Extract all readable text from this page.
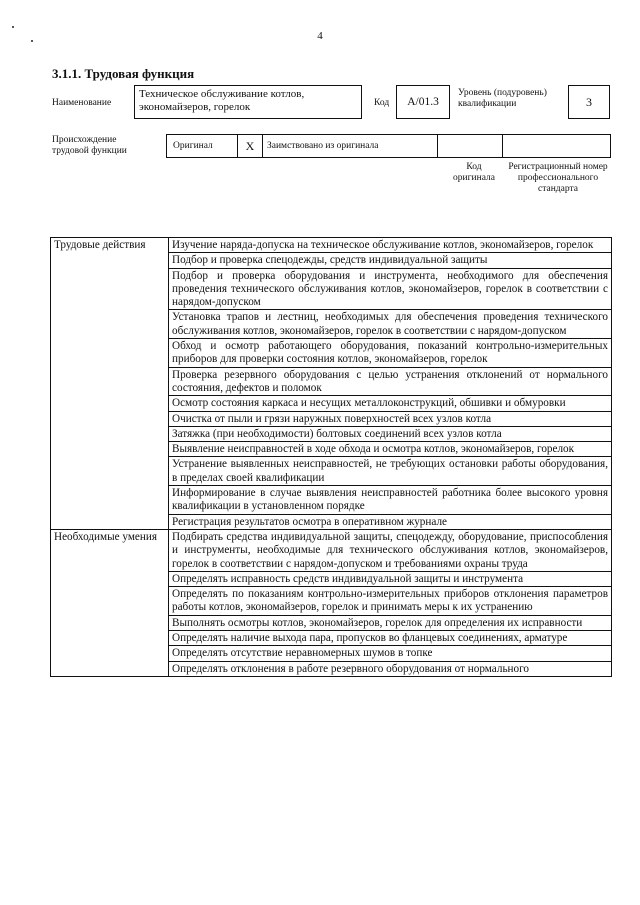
4
3.1.1. Трудовая функция
Наименование
Техническое обслуживание котлов, экономайзеров, горелок	Код	А/01.3
Уровень (подуровень) квалификации	3
Происхождение трудовой функции
Оригинал	X Заимствовано из оригинала
Код оригинала
Регистрационный номер профессионального стандарта
Трудовые действия	Изучение наряда-допуска на техническое обслуживание котлов, экономайзеров, горелок
	Подбор и проверка спецодежды, средств индивидуальной защиты
	Подбор и проверка оборудования и инструмента, необходимого для обеспечения проведения технического обслуживания котлов, экономайзеров, горелок в соответствии с нарядом-допуском
	Установка трапов и лестниц, необходимых для обеспечения проведения технического обслуживания котлов, экономайзеров, горелок в соответствии с нарядом-допуском
	Обход и осмотр работающего оборудования, показаний контрольно-измерительных приборов для проверки состояния котлов, экономайзеров, горелок
	Проверка резервного оборудования с целью устранения отклонений от нормального состояния, дефектов и поломок
	Осмотр состояния каркаса и несущих металлоконструкций, обшивки и обмуровки
	Очистка от пыли и грязи наружных поверхностей всех узлов котла
	Затяжка (при необходимости) болтовых соединений всех узлов котла
	Выявление неисправностей в ходе обхода и осмотра котлов, экономайзеров, горелок
	Устранение выявленных неисправностей, не требующих остановки работы оборудования, в пределах своей квалификации
	Информирование в случае выявления неисправностей работника более высокого уровня квалификации в установленном порядке
	Регистрация результатов осмотра в оперативном журнале
Необходимые умения	Подбирать средства индивидуальной защиты, спецодежду, оборудование, приспособления и инструменты, необходимые для технического обслуживания котлов, экономайзеров, горелок в соответствии с нарядом-допуском и требованиями охраны труда
	Определять исправность средств индивидуальной защиты и инструмента
	Определять по показаниям контрольно-измерительных приборов отклонения параметров работы котлов, экономайзеров, горелок и принимать меры к их устранению
	Выполнять осмотры котлов, экономайзеров, горелок для определения их исправности
	Определять наличие выхода пара, пропусков во фланцевых соединениях, арматуре
	Определять отсутствие неравномерных шумов в топке
	Определять отклонения в работе резервного оборудования от нормального
